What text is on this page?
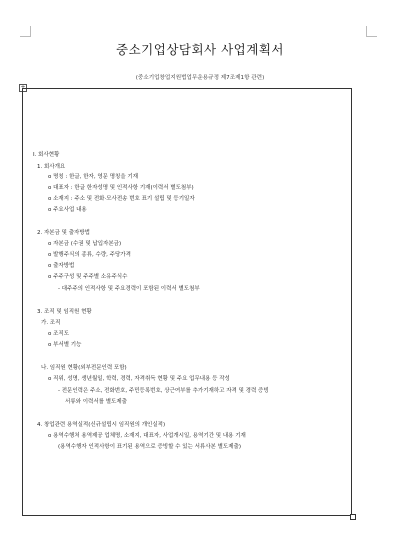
중소기업상담회사 사업계획서
(중소기업창업지원법업무운용규정 제7조제1항 관련)
+
Ⅰ. 회사현황
1. 회사개요
o 명칭 : 한글, 한자, 영문 명칭을 기재
o 대표자 : 한글 한자성명 및 인적사항 기재(이력서 별도첨부)
o 소재지 : 주소 및 전화·모사전송 번호 표기 설립 및 등기일자
o 주요사업 내용
2. 자본금 및 출자방법
o 자본금 (수권 및 납입자본금)
o 발행주식의 종류, 수량, 주당가격
o 출자방법
o 주주구성 및 주주별 소유주식수
- 대주주의 인적사항 및 주요경력이 포함된 이력서 별도첨부
3. 조직 및 임직원 현황
가. 조직
o 조직도
o 부서별 기능
나. 임직원 현황(외부전문인력 포함)
o 직위, 성명, 생년월일, 학력, 경력, 자격취득 현황 및 주요 업무내용 등 작성
- 전문인력은 주소, 전화번호, 주민등록번호, 상근여부를 추가기재하고 자격 및 경력 증빙
서류와 이력서를 별도제출
4. 창업관련 용역실적(신규설립시 임직원의 개인실적)
o 용역수행처 용역제공 업체명, 소재지, 대표자, 사업개시일, 용역기간 및 내용 기재
(용역수행자 인적사항이 표기된 용역으로 증빙할 수 있는 서류사본 별도제출)
